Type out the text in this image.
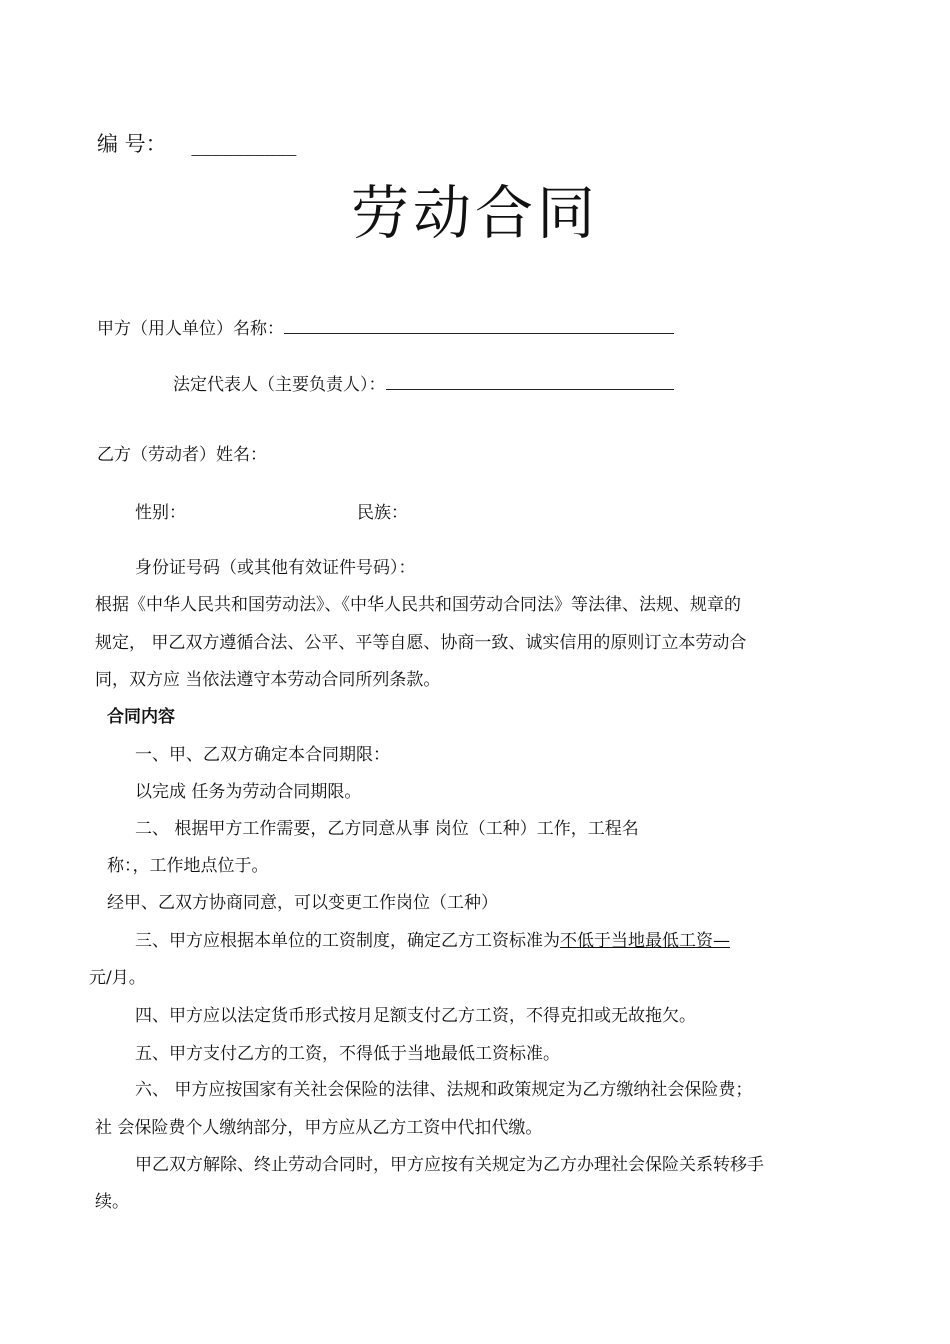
编 号： __________
劳动合同
甲方（用人单位）名称：
法定代表人（主要负责人）：
乙方（劳动者）姓名：
性别：	民族：
身份证号码（或其他有效证件号码）：
根据《中华人民共和国劳动法》、《中华人民共和国劳动合同法》等法律、法规、规章的
规定， 甲乙双方遵循合法、公平、平等自愿、协商一致、诚实信用的原则订立本劳动合
同，双方应 当依法遵守本劳动合同所列条款。
合同内容
一、甲、乙双方确定本合同期限：
以完成 任务为劳动合同期限。
二、 根据甲方工作需要，乙方同意从事 岗位（工种）工作，工程名
称：，工作地点位于。
经甲、乙双方协商同意，可以变更工作岗位（工种）
三、甲方应根据本单位的工资制度，确定乙方工资标准为不低于当地最低工资—
元/月。
四、甲方应以法定货币形式按月足额支付乙方工资，不得克扣或无故拖欠。
五、甲方支付乙方的工资，不得低于当地最低工资标准。
六、 甲方应按国家有关社会保险的法律、法规和政策规定为乙方缴纳社会保险费；
社 会保险费个人缴纳部分，甲方应从乙方工资中代扣代缴。
甲乙双方解除、终止劳动合同时，甲方应按有关规定为乙方办理社会保险关系转移手
续。
